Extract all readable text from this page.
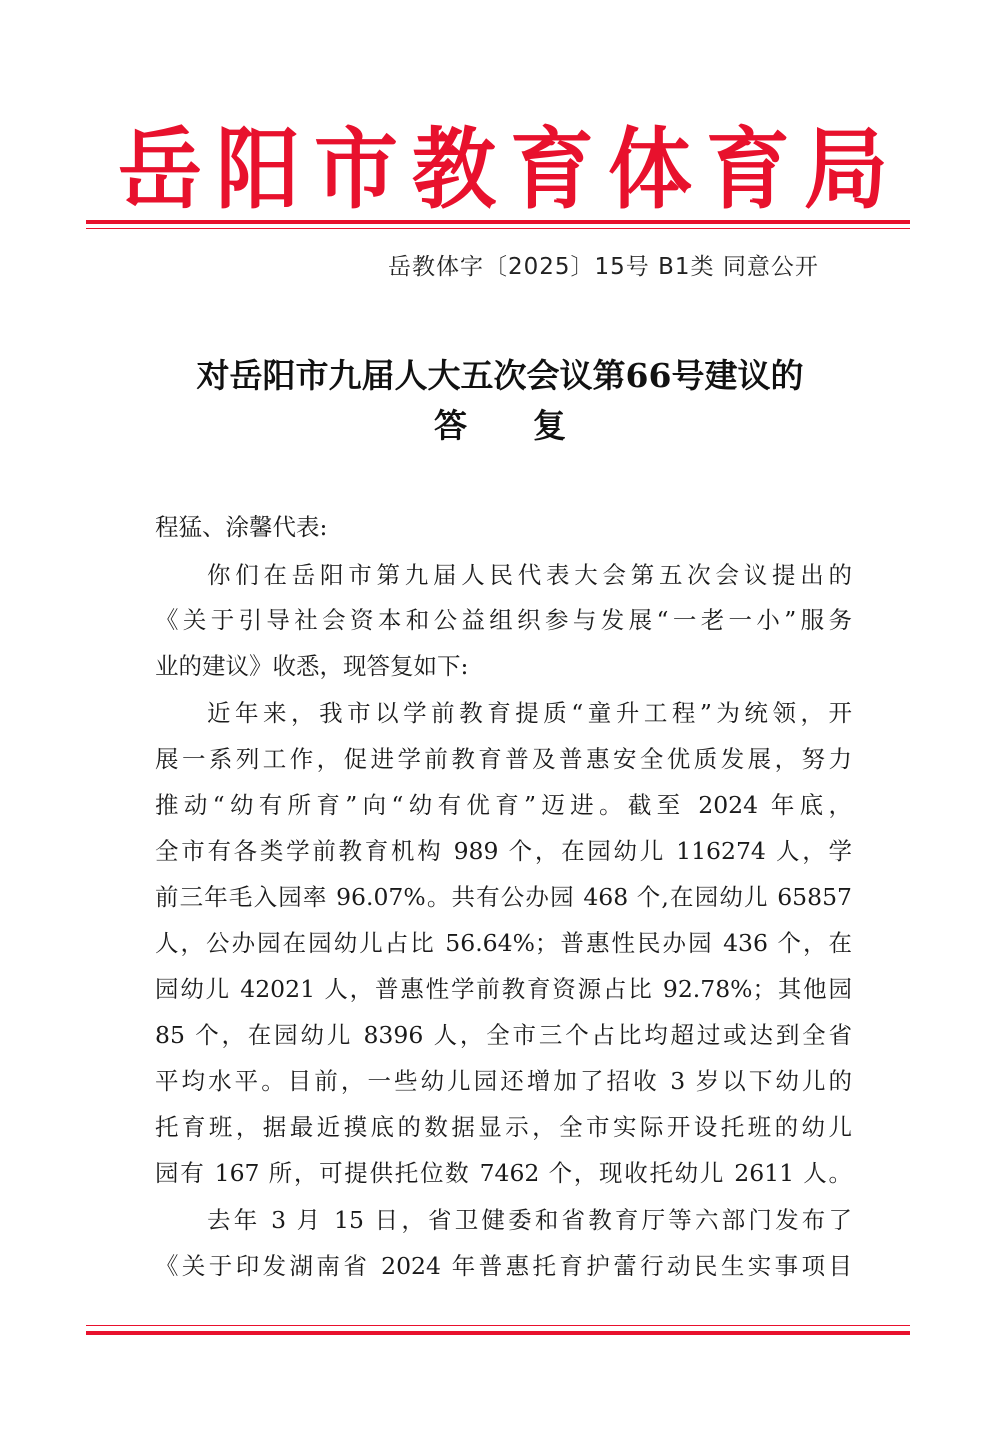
岳 阳 市 教 育 体 育 局
岳教体字〔2025〕15号 B1类 同意公开
对岳阳市九届人大五次会议第66号建议的
答　　复
程猛、涂馨代表:
你们在岳阳市第九届人民代表大会第五次会议提出的
《关于引导社会资本和公益组织参与发展“一老一小”服务
业的建议》收悉，现答复如下:
近年来，我市以学前教育提质“童升工程”为统领，开
展一系列工作，促进学前教育普及普惠安全优质发展，努力
推动“幼有所育”向“幼有优育”迈进。截至 2024 年底，
全市有各类学前教育机构 989 个，在园幼儿 116274 人，学
前三年毛入园率 96.07%。共有公办园 468 个,在园幼儿 65857
人，公办园在园幼儿占比 56.64%；普惠性民办园 436 个，在
园幼儿 42021 人，普惠性学前教育资源占比 92.78%；其他园
85 个，在园幼儿 8396 人，全市三个占比均超过或达到全省
平均水平。目前，一些幼儿园还增加了招收 3 岁以下幼儿的
托育班，据最近摸底的数据显示，全市实际开设托班的幼儿
园有 167 所，可提供托位数 7462 个，现收托幼儿 2611 人。
去年 3 月 15 日，省卫健委和省教育厅等六部门发布了
《关于印发湖南省 2024 年普惠托育护蕾行动民生实事项目
